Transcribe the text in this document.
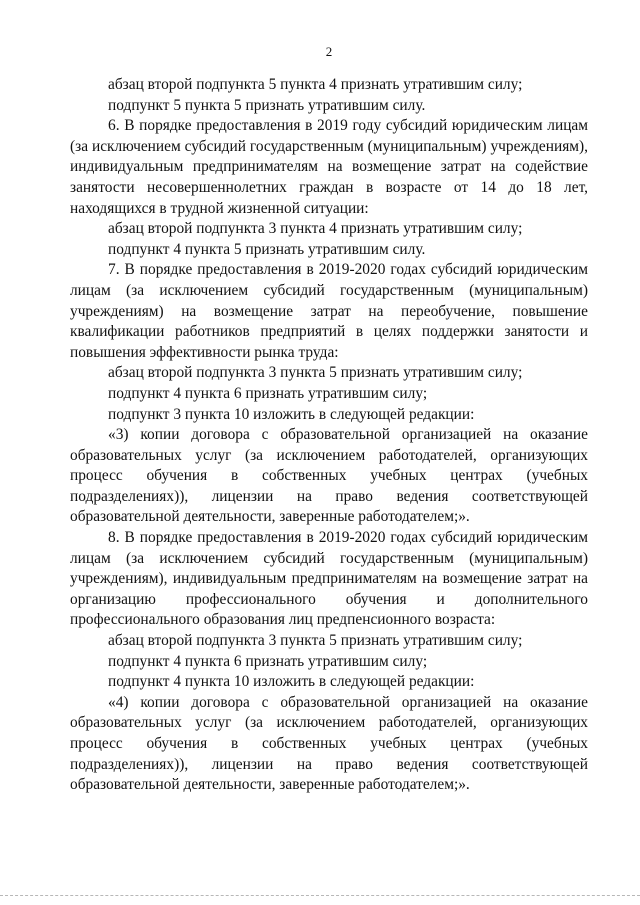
2

абзац второй подпункта 5 пункта 4 признать утратившим силу;

подпункт 5 пункта 5 признать утратившим силу.

6. В порядке предоставления в 2019 году субсидий юридическим лицам (за исключением субсидий государственным (муниципальным) учреждениям), индивидуальным предпринимателям на возмещение затрат на содействие занятости несовершеннолетних граждан в возрасте от 14 до 18 лет, находящихся в трудной жизненной ситуации:

абзац второй подпункта 3 пункта 4 признать утратившим силу;

подпункт 4 пункта 5 признать утратившим силу.

7. В порядке предоставления в 2019-2020 годах субсидий юридическим лицам (за исключением субсидий государственным (муниципальным) учреждениям) на возмещение затрат на переобучение, повышение квалификации работников предприятий в целях поддержки занятости и повышения эффективности рынка труда:

абзац второй подпункта 3 пункта 5 признать утратившим силу;

подпункт 4 пункта 6 признать утратившим силу;

подпункт 3 пункта 10 изложить в следующей редакции:

«3) копии договора с образовательной организацией на оказание образовательных услуг (за исключением работодателей, организующих процесс обучения в собственных учебных центрах (учебных подразделениях)), лицензии на право ведения соответствующей образовательной деятельности, заверенные работодателем;».

8. В порядке предоставления в 2019-2020 годах субсидий юридическим лицам (за исключением субсидий государственным (муниципальным) учреждениям), индивидуальным предпринимателям на возмещение затрат на организацию профессионального обучения и дополнительного профессионального образования лиц предпенсионного возраста:

абзац второй подпункта 3 пункта 5 признать утратившим силу;

подпункт 4 пункта 6 признать утратившим силу;

подпункт 4 пункта 10 изложить в следующей редакции:

«4) копии договора с образовательной организацией на оказание образовательных услуг (за исключением работодателей, организующих процесс обучения в собственных учебных центрах (учебных подразделениях)), лицензии на право ведения соответствующей образовательной деятельности, заверенные работодателем;».
